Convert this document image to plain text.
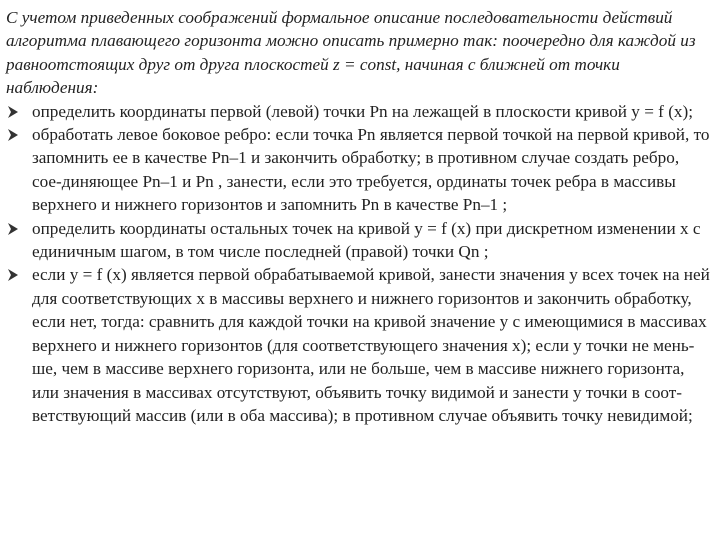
С учетом приведенных соображений формальное описание последовательности действий алгоритма плавающего горизонта можно описать примерно так: поочередно для каждой из равноотстоящих друг от друга плоскостей z = const, начиная с ближней от точки наблюдения:

определить координаты первой (левой) точки Pn на лежащей в плоскости кривой y = f (x);
обработать левое боковое ребро: если точка Pn является первой точкой на первой кривой, то запомнить ее в качестве Pn–1 и закончить обработку; в противном случае создать ребро, сое-диняющее Pn–1 и Pn , занести, если это требуется, ординаты точек ребра в массивы верхнего и нижнего горизонтов и запомнить Pn в качестве Pn–1 ;
определить координаты остальных точек на кривой y = f (x) при дискретном изменении x с единичным шагом, в том числе последней (правой) точки Qn ;
если y = f (x) является первой обрабатываемой кривой, занести значения y всех точек на ней для соответствующих x в массивы верхнего и нижнего горизонтов и закончить обработку, если нет, тогда: сравнить для каждой точки на кривой значение y с имеющимися в массивах верхнего и нижнего горизонтов (для соответствующего значения x); если y точки не мень-ше, чем в массиве верхнего горизонта, или не больше, чем в массиве нижнего горизонта, или значения в массивах отсутствуют, объявить точку видимой и занести y точки в соот-ветствующий массив (или в оба массива); в противном случае объявить точку невидимой;
